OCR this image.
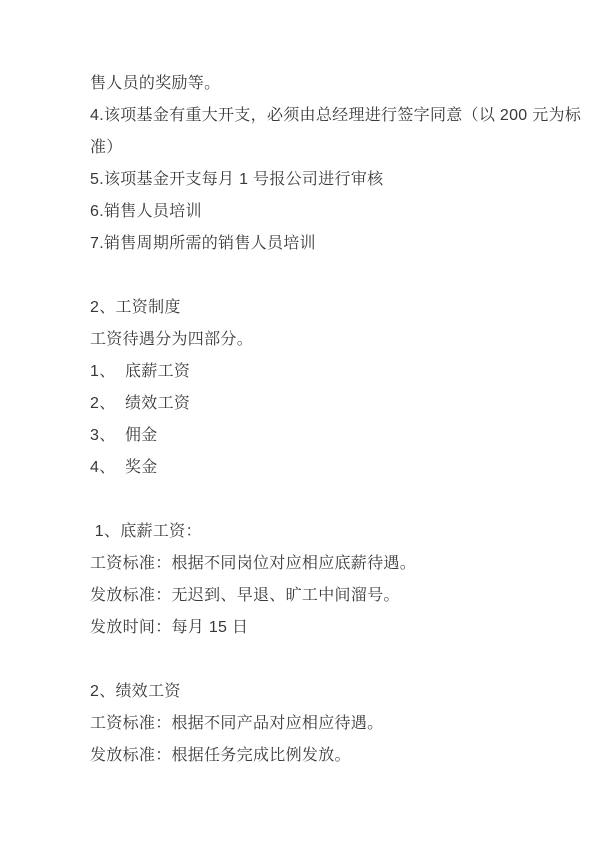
售人员的奖励等。
4.该项基金有重大开支，必须由总经理进行签字同意（以 200 元为标
准）
5.该项基金开支每月 1 号报公司进行审核
6.销售人员培训
7.销售周期所需的销售人员培训
2、工资制度
工资待遇分为四部分。
1、  底薪工资
2、  绩效工资
3、  佣金
4、  奖金
1、底薪工资：
工资标准：根据不同岗位对应相应底薪待遇。
发放标准：无迟到、早退、旷工中间溜号。
发放时间：每月 15 日
2、绩效工资
工资标准：根据不同产品对应相应待遇。
发放标准：根据任务完成比例发放。
